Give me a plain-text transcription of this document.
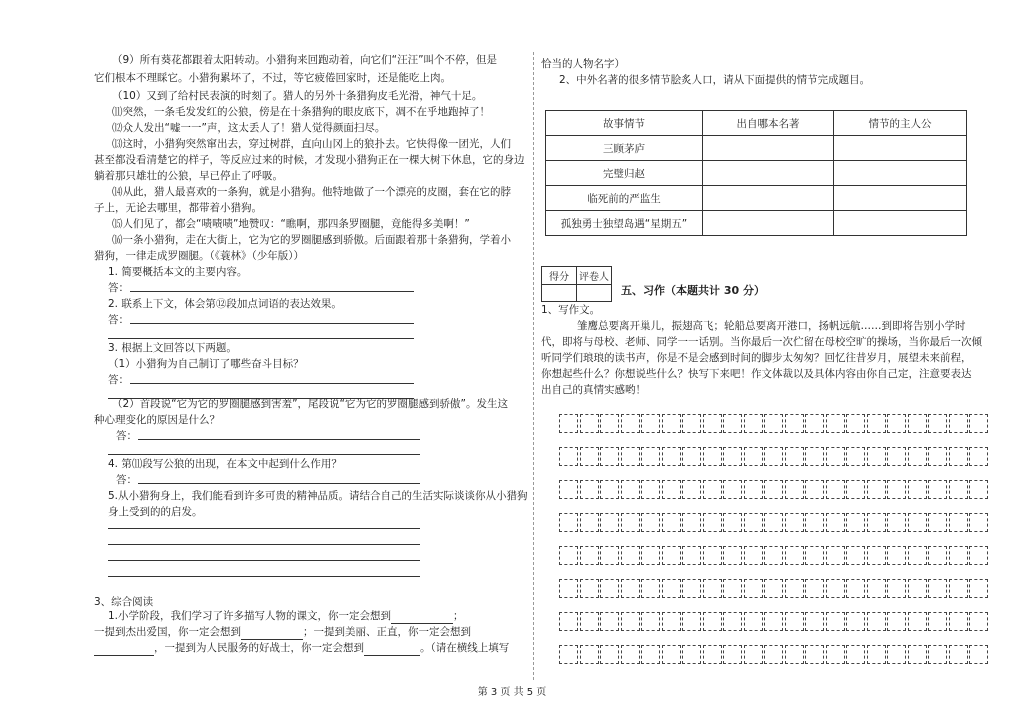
（9）所有葵花都跟着太阳转动。小猎狗来回跑动着，向它们“汪汪”叫个不停，但是
它们根本不理睬它。小猎狗累坏了，不过，等它疲倦回家时，还是能吃上肉。
（10）又到了给村民表演的时刻了。猎人的另外十条猎狗皮毛光滑，神气十足。
⑾突然，一条毛发发红的公狼，傍是在十条猎狗的眼皮底下，凋不在乎地跑掉了！
⑿众人发出“嘘一一”声，这太丢人了！猎人觉得颜面扫尽。
⒀这时，小猎狗突然窜出去，穿过树群，直向山冈上的狼扑去。它快得像一团光，人们
甚至都没看清楚它的样子，等反应过来的时候，才发现小猎狗正在一棵大树下休息，它的身边
躺着那只雄壮的公狼，早已停止了呼吸。
⒁从此，猎人最喜欢的一条狗，就是小猎狗。他特地做了一个漂亮的皮圈，套在它的脖
子上，无论去哪里，都带着小猎狗。
⒂人们见了，都会“啧啧啧”地赞叹：“瞧啊，那四条罗圈腿，竟能得多美啊！”
⒃一条小猎狗，走在大街上，它为它的罗圈腿感到骄傲。后面跟着那十条猎狗，学着小
猎狗，一律走成罗圈腿。（《蓑林》（少年版））
1. 简要概括本文的主要内容。
答：
2. 联系上下文，体会第⑫段加点词语的表达效果。
答：
3. 根据上文回答以下两题。
（1）小猎狗为自己制订了哪些奋斗目标？
答：
（2）首段说“它为它的罗圈腿感到害羞”，尾段说“它为它的罗圈腿感到骄傲”。发生这
种心理变化的原因是什么？
答：
4. 第⑾段写公狼的出现，在本文中起到什么作用？
答：
5.从小猎狗身上，我们能看到许多可贵的精神品质。请结合自己的生活实际谈谈你从小猎狗
身上受到的的启发。
3、综合阅读
1.小学阶段，我们学习了许多描写人物的课文，你一定会想到	；
一提到杰出爱国，你一定会想到	；一提到美丽、正直，你一定会想到
，一提到为人民服务的好战士，你一定会想到	。（请在横线上填写
恰当的人物名字）
2、中外名著的很多情节脍炙人口，请从下面提供的情节完成题目。
故事情节	出自哪本名著	情节的主人公
三顾茅庐		
完璧归赵		
临死前的严监生		
孤独勇士独望岛遇“星期五”		
得分	评卷人

五、习作（本题共计 30 分）
1、写作文。
雏鹰总要离开巢儿，振翅高飞；轮船总要离开港口，扬帆远航……到即将告别小学时
代，即将与母校、老师、同学一一话别。当你最后一次伫留在母校空旷的操场，当你最后一次倾
听同学们琅琅的读书声，你是不是会感到时间的脚步太匆匆？回忆往昔岁月，展望未来前程，
你想起些什么？你想说些什么？快写下来吧！作文体裁以及具体内容由你自己定，注意要表达
出自己的真情实感哟！
第 3 页 共 5 页
